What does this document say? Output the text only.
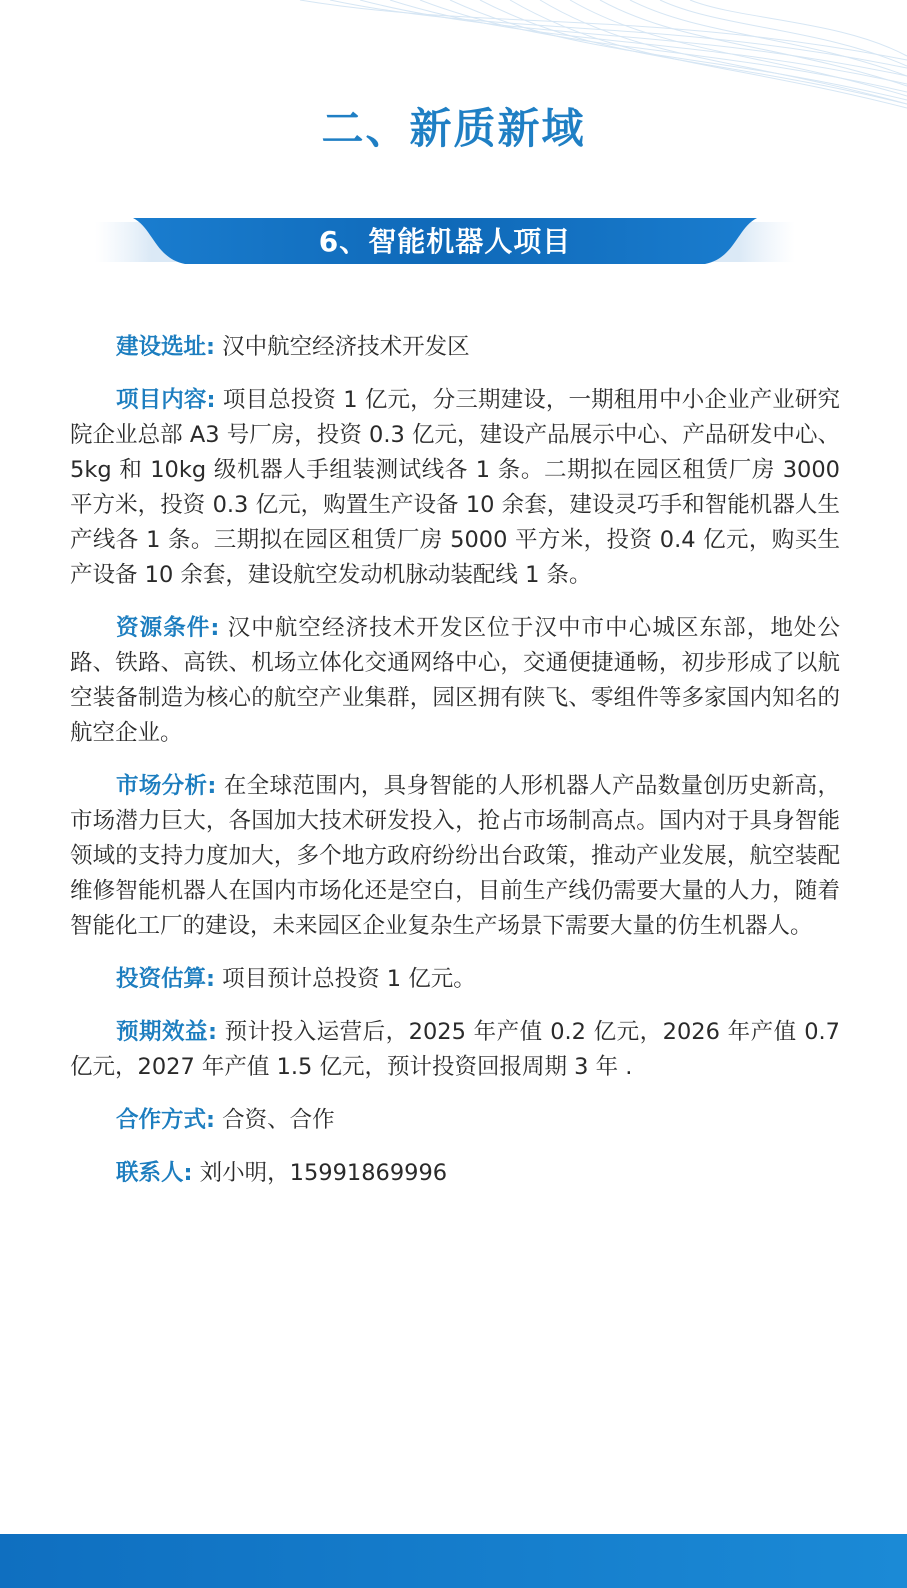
二、新质新域
6、智能机器人项目

建设选址: 汉中航空经济技术开发区

项目内容: 项目总投资 1 亿元，分三期建设，一期租用中小企业产业研究院企业总部 A3 号厂房，投资 0.3 亿元，建设产品展示中心、产品研发中心、5kg 和 10kg 级机器人手组装测试线各 1 条。二期拟在园区租赁厂房 3000 平方米，投资 0.3 亿元，购置生产设备 10 余套，建设灵巧手和智能机器人生产线各 1 条。三期拟在园区租赁厂房 5000 平方米，投资 0.4 亿元，购买生产设备 10 余套，建设航空发动机脉动装配线 1 条。

资源条件: 汉中航空经济技术开发区位于汉中市中心城区东部，地处公路、铁路、高铁、机场立体化交通网络中心，交通便捷通畅，初步形成了以航空装备制造为核心的航空产业集群，园区拥有陕飞、零组件等多家国内知名的航空企业。

市场分析: 在全球范围内，具身智能的人形机器人产品数量创历史新高，市场潜力巨大，各国加大技术研发投入，抢占市场制高点。国内对于具身智能领域的支持力度加大，多个地方政府纷纷出台政策，推动产业发展，航空装配维修智能机器人在国内市场化还是空白，目前生产线仍需要大量的人力，随着智能化工厂的建设，未来园区企业复杂生产场景下需要大量的仿生机器人。

投资估算: 项目预计总投资 1 亿元。

预期效益: 预计投入运营后，2025 年产值 0.2 亿元，2026 年产值 0.7 亿元，2027 年产值 1.5 亿元，预计投资回报周期 3 年 .

合作方式: 合资、合作

联系人: 刘小明，15991869996
